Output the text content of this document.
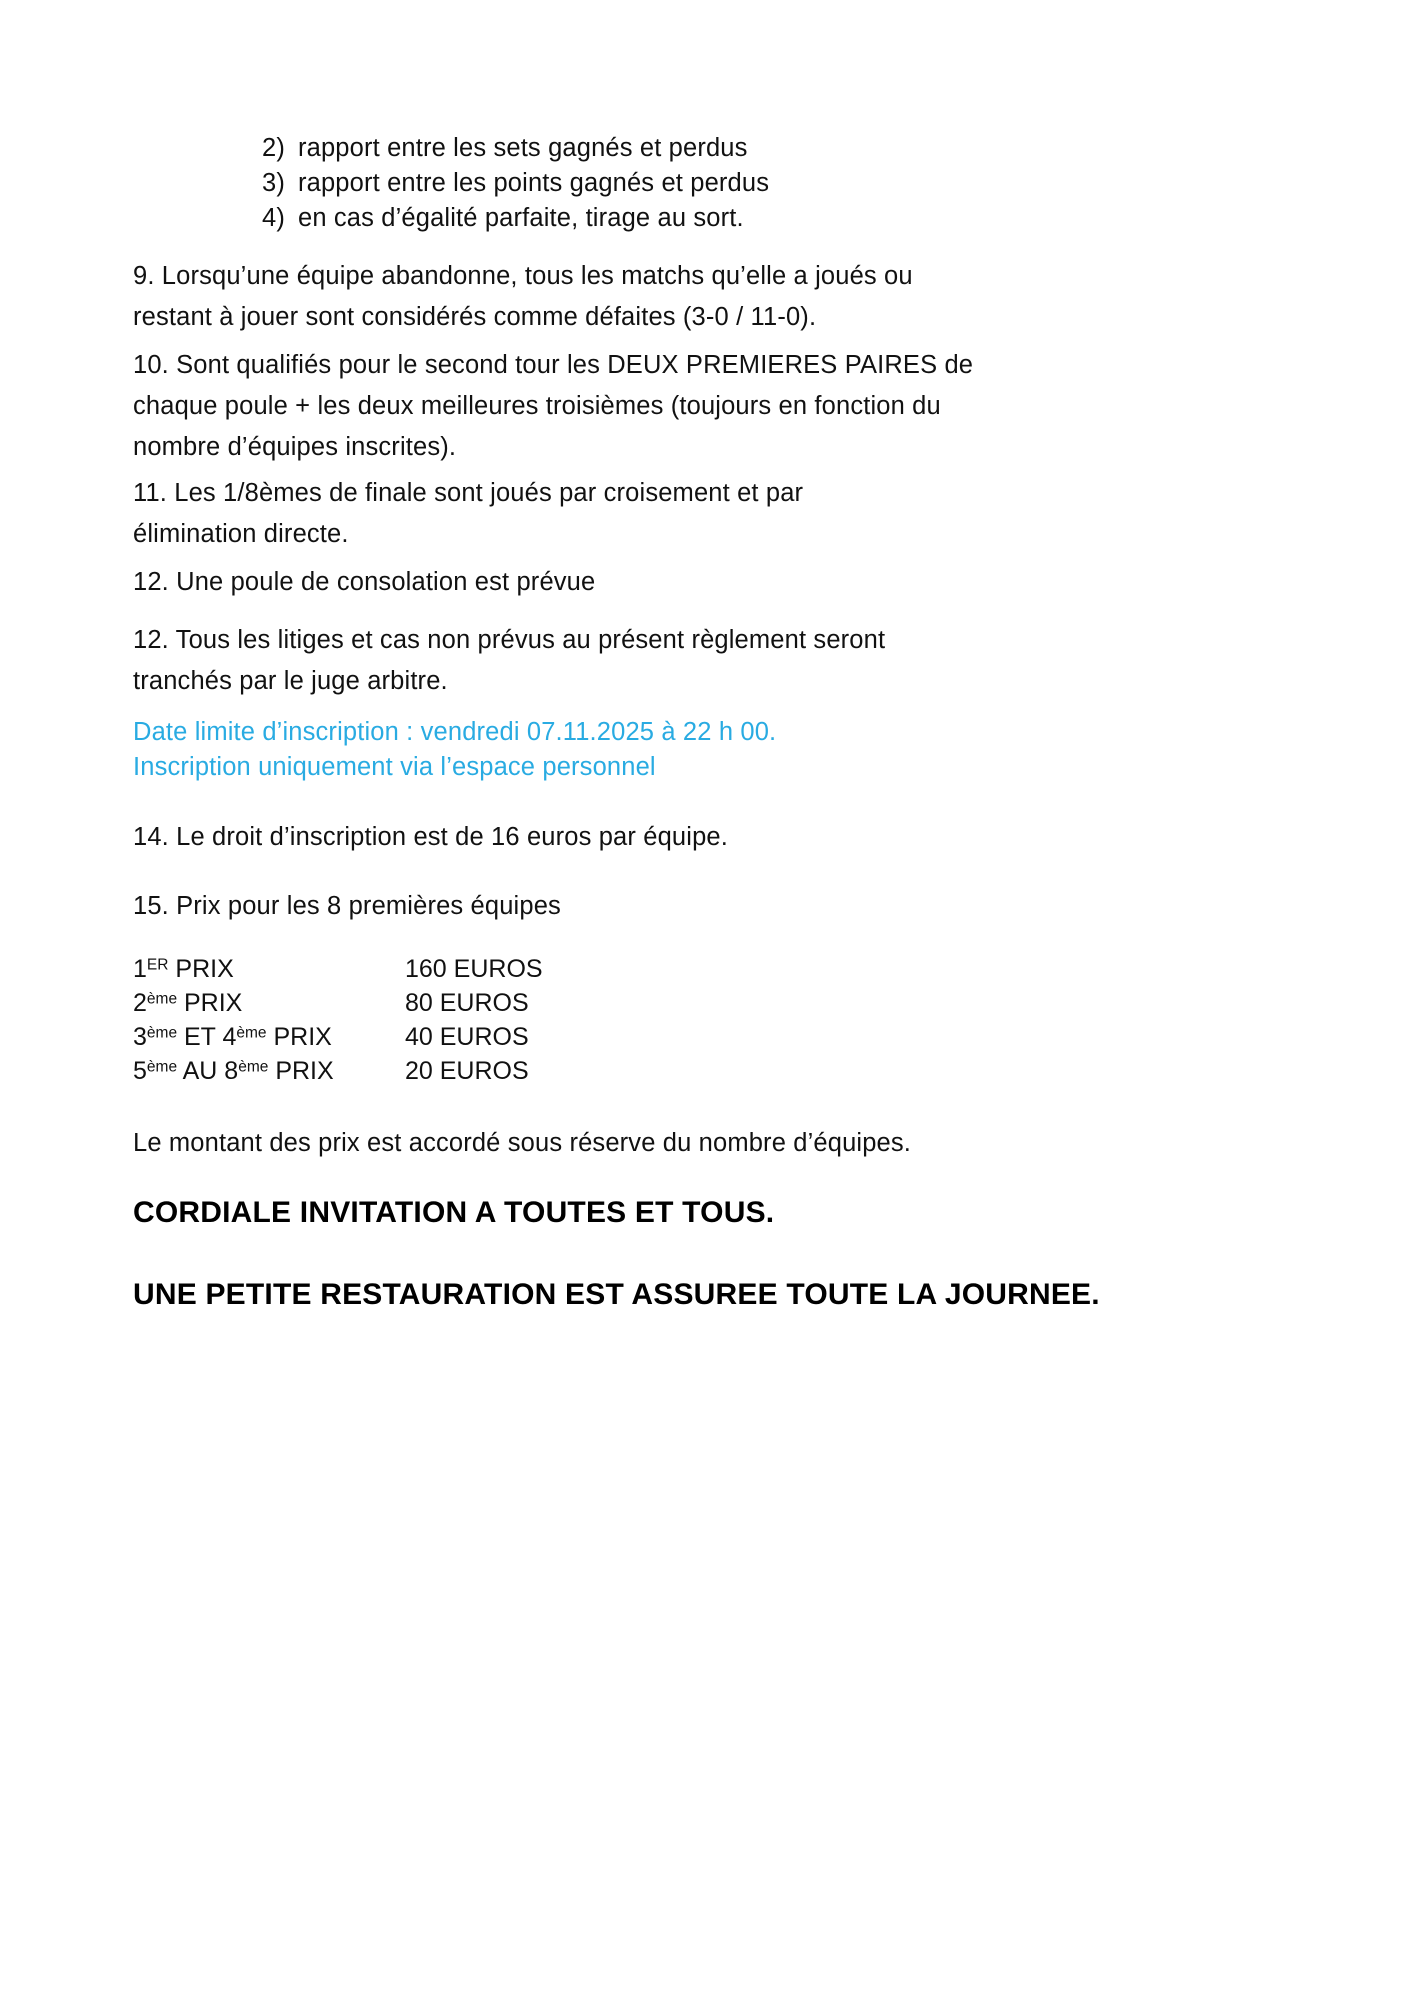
2) rapport entre les sets gagnés et perdus
3) rapport entre les points gagnés et perdus
4) en cas d’égalité parfaite, tirage au sort.
9. Lorsqu’une équipe abandonne, tous les matchs qu’elle a joués ou restant à jouer sont considérés comme défaites (3-0 / 11-0).
10. Sont qualifiés pour le second tour les DEUX PREMIERES PAIRES de chaque poule + les deux meilleures troisièmes (toujours en fonction du nombre d’équipes inscrites).
11. Les 1/8èmes de finale sont joués par croisement et par élimination directe.
12. Une poule de consolation est prévue
12. Tous les litiges et cas non prévus au présent règlement seront tranchés par le juge arbitre.
Date limite d’inscription : vendredi 07.11.2025 à 22 h 00.
Inscription uniquement via l’espace personnel
14. Le droit d’inscription est de 16 euros par équipe.
15. Prix pour les 8 premières équipes
1ER PRIX	160 EUROS
2ème PRIX	80 EUROS
3ème ET 4ème PRIX	40 EUROS
5ème AU 8ème PRIX	20 EUROS
Le montant des prix est accordé sous réserve du nombre d’équipes.
CORDIALE INVITATION A TOUTES ET TOUS.
UNE PETITE RESTAURATION EST ASSUREE TOUTE LA JOURNEE.
